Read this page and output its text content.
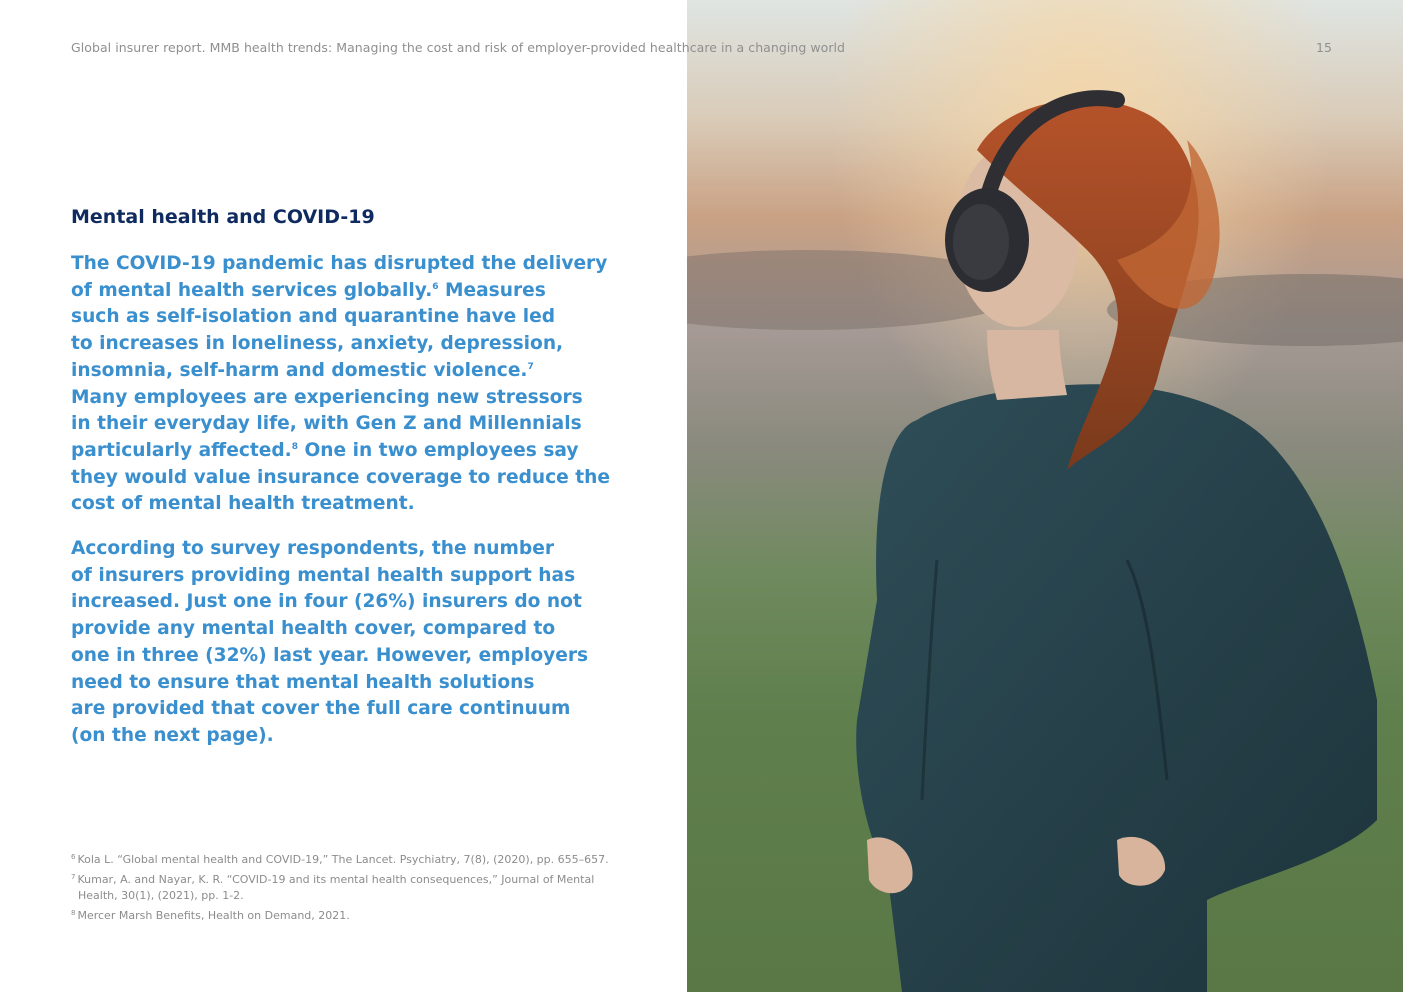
Global insurer report. MMB health trends: Managing the cost and risk of employer-provided healthcare in a changing world	15
Mental health and COVID-19
The COVID-19 pandemic has disrupted the delivery
of mental health services globally.$^6$ Measures
such as self-isolation and quarantine have led
to increases in loneliness, anxiety, depression,
insomnia, self-harm and domestic violence.$^7$
Many employees are experiencing new stressors
in their everyday life, with Gen Z and Millennials
particularly affected.$^8$ One in two employees say
they would value insurance coverage to reduce the
cost of mental health treatment.
According to survey respondents, the number
of insurers providing mental health support has
increased. Just one in four (26%) insurers do not
provide any mental health cover, compared to
one in three (32%) last year. However, employers
need to ensure that mental health solutions
are provided that cover the full care continuum
(on the next page).
$^6$ Kola L. “Global mental health and COVID-19,” The Lancet. Psychiatry, 7(8), (2020), pp. 655–657.
$^7$ Kumar, A. and Nayar, K. R. “COVID-19 and its mental health consequences,” Journal of Mental
Health, 30(1), (2021), pp. 1-2.
$^8$ Mercer Marsh Benefits, Health on Demand, 2021.
